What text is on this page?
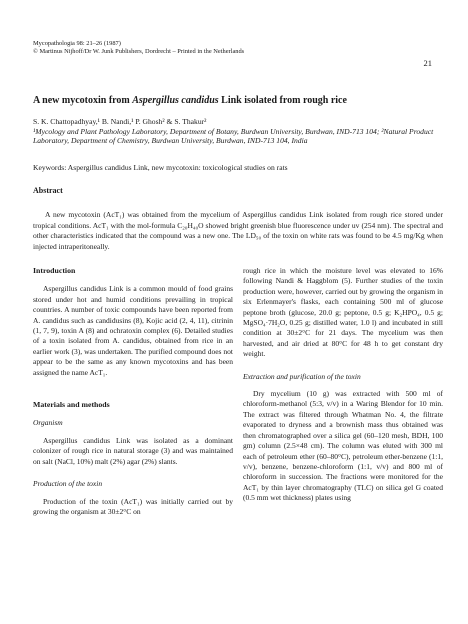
Mycopathologia 98: 21–26 (1987)
© Martinus Nijhoff/Dr W. Junk Publishers, Dordrecht – Printed in the Netherlands
21
A new mycotoxin from Aspergillus candidus Link isolated from rough rice
S. K. Chattopadhyay,¹ B. Nandi,¹ P. Ghosh² & S. Thakur²
¹Mycology and Plant Pathology Laboratory, Department of Botany, Burdwan University, Burdwan, IND-713 104; ²Natural Product Laboratory, Department of Chemistry, Burdwan University, Burdwan, IND-713 104, India
Keywords: Aspergillus candidus Link, new mycotoxin: toxicological studies on rats
Abstract
A new mycotoxin (AcT₁) was obtained from the mycelium of Aspergillus candidus Link isolated from rough rice stored under tropical conditions. AcT₁ with the mol-formula C₂₀H₄₀O showed bright greenish blue fluorescence under uv (254 nm). The spectral and other characteristics indicated that the compound was a new one. The LD₅₀ of the toxin on white rats was found to be 4.5 mg/Kg when injected intraperitoneally.
Introduction
Aspergillus candidus Link is a common mould of food grains stored under hot and humid conditions prevailing in tropical countries. A number of toxic compounds have been reported from A. candidus such as candidusins (8), Kojic acid (2, 4, 11), citrinin (1, 7, 9), toxin A (8) and ochratoxin complex (6). Detailed studies of a toxin isolated from A. candidus, obtained from rice in an earlier work (3), was undertaken. The purified compound does not appear to be the same as any known mycotoxins and has been assigned the name AcT₁.
Materials and methods
Organism
Aspergillus candidus Link was isolated as a dominant colonizer of rough rice in natural storage (3) and was maintained on salt (NaCl, 10%) malt (2%) agar (2%) slants.
Production of the toxin
Production of the toxin (AcT₁) was initially carried out by growing the organism at 30±2°C on
rough rice in which the moisture level was elevated to 16% following Nandi & Haggblom (5). Further studies of the toxin production were, however, carried out by growing the organism in six Erlenmayer's flasks, each containing 500 ml of glucose peptone broth (glucose, 20.0 g; peptone, 0.5 g; K₂HPO₄, 0.5 g; MgSO₄·7H₂O, 0.25 g; distilled water, 1.0 l) and incubated in still condition at 30±2°C for 21 days. The mycelium was then harvested, and air dried at 80°C for 48 h to get constant dry weight.
Extraction and purification of the toxin
Dry mycelium (10 g) was extracted with 500 ml of chloroform-methanol (5:3, v/v) in a Waring Blendor for 10 min. The extract was filtered through Whatman No. 4, the filtrate evaporated to dryness and a brownish mass thus obtained was then chromatographed over a silica gel (60–120 mesh, BDH, 100 gm) column (2.5×48 cm). The column was eluted with 300 ml each of petroleum ether (60–80°C), petroleum ether-benzene (1:1, v/v), benzene, benzene-chloroform (1:1, v/v) and 800 ml of chloroform in succession. The fractions were monitored for the AcT₁ by thin layer chromatography (TLC) on silica gel G coated (0.5 mm wet thickness) plates using
